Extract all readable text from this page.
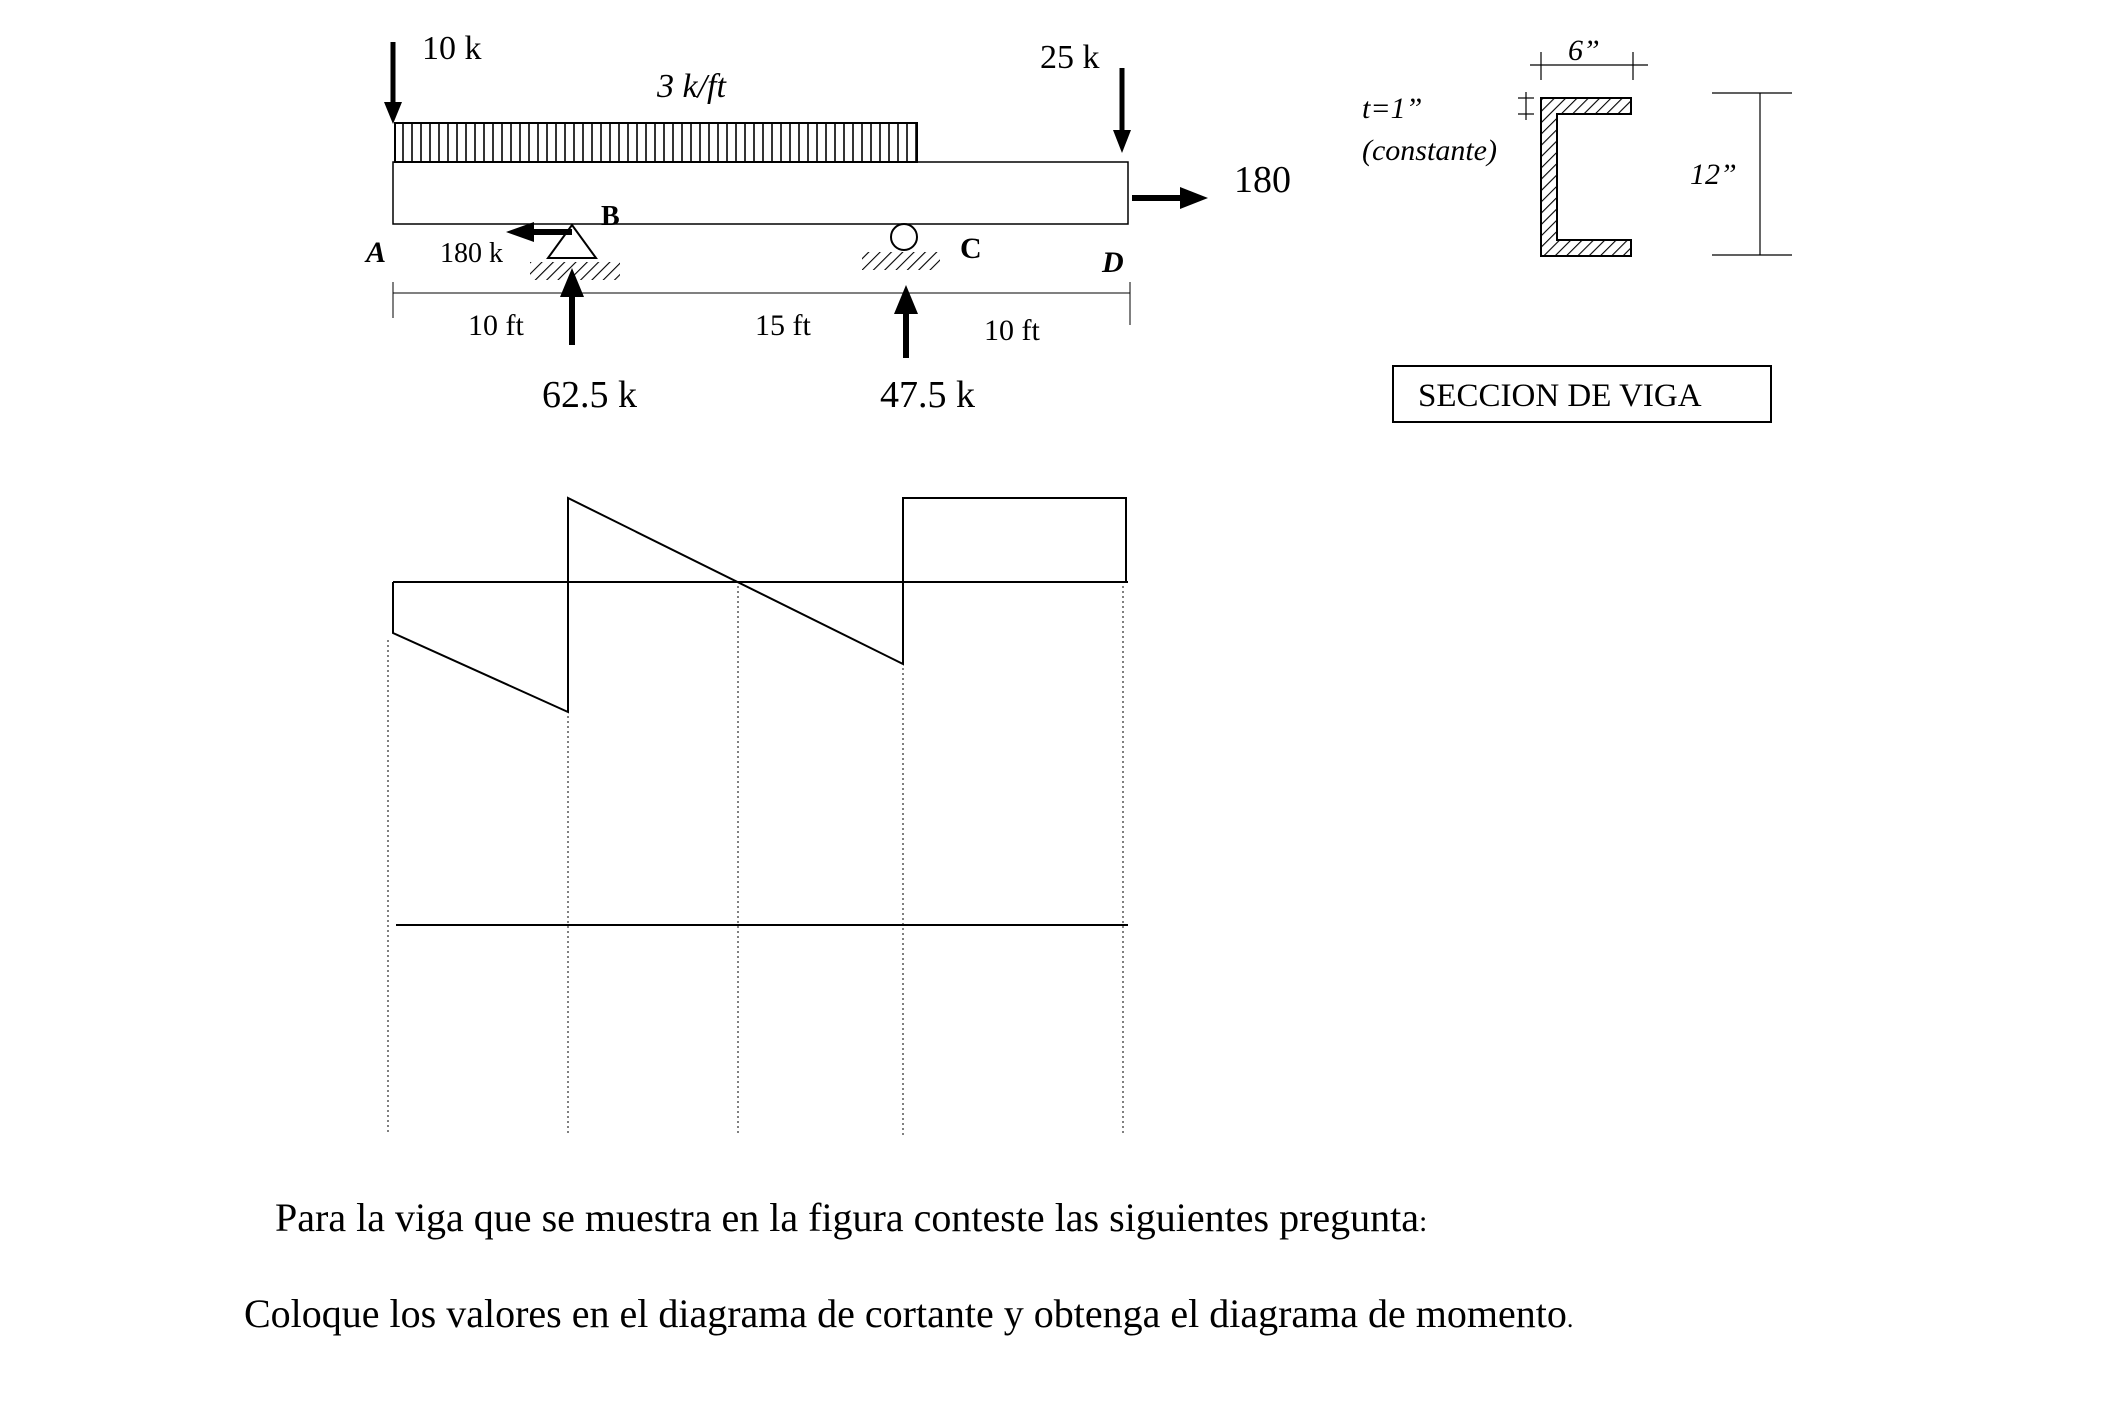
10 k	25 k
3 k/ft
180
A
B
C	D
180 k
10 ft	15 ft	10 ft
62.5 k	47.5 k
6”
t=1”
(constante)
12”
SECCION DE VIGA
Para la viga que se muestra en la figura conteste las siguientes pregunta:
Coloque los valores en el diagrama de cortante y obtenga el diagrama de momento.
